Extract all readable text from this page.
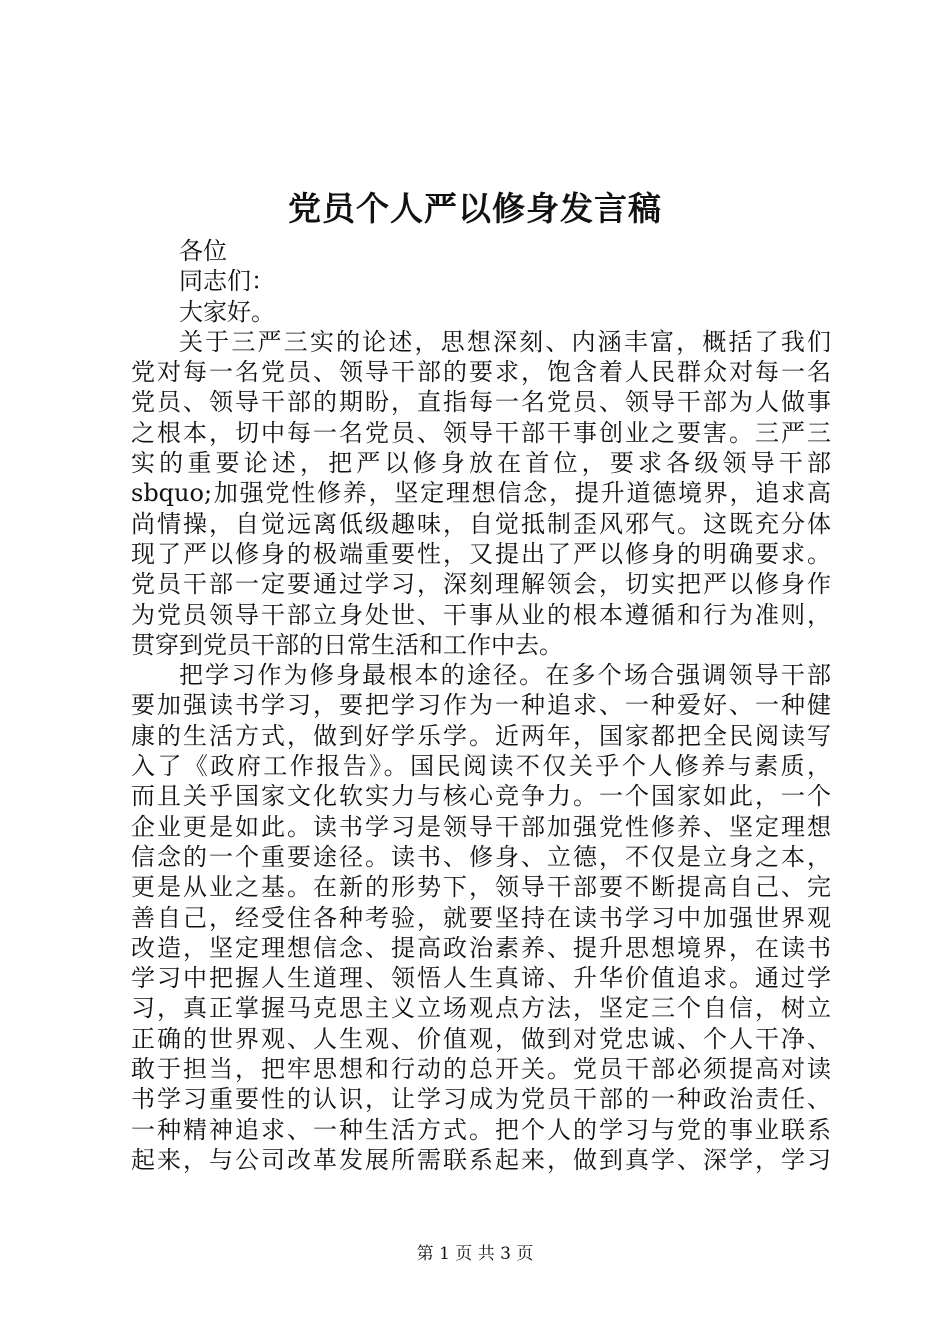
党员个人严以修身发言稿
各位
同志们：
大家好。
关于三严三实的论述，思想深刻、内涵丰富，概括了我们
党对每一名党员、领导干部的要求，饱含着人民群众对每一名
党员、领导干部的期盼，直指每一名党员、领导干部为人做事
之根本，切中每一名党员、领导干部干事创业之要害。三严三
实的重要论述，把严以修身放在首位，要求各级领导干部
sbquo;加强党性修养，坚定理想信念，提升道德境界，追求高
尚情操，自觉远离低级趣味，自觉抵制歪风邪气。这既充分体
现了严以修身的极端重要性，又提出了严以修身的明确要求。
党员干部一定要通过学习，深刻理解领会，切实把严以修身作
为党员领导干部立身处世、干事从业的根本遵循和行为准则，
贯穿到党员干部的日常生活和工作中去。
把学习作为修身最根本的途径。在多个场合强调领导干部
要加强读书学习，要把学习作为一种追求、一种爱好、一种健
康的生活方式，做到好学乐学。近两年，国家都把全民阅读写
入了《政府工作报告》。国民阅读不仅关乎个人修养与素质，
而且关乎国家文化软实力与核心竞争力。一个国家如此，一个
企业更是如此。读书学习是领导干部加强党性修养、坚定理想
信念的一个重要途径。读书、修身、立德，不仅是立身之本，
更是从业之基。在新的形势下，领导干部要不断提高自己、完
善自己，经受住各种考验，就要坚持在读书学习中加强世界观
改造，坚定理想信念、提高政治素养、提升思想境界，在读书
学习中把握人生道理、领悟人生真谛、升华价值追求。通过学
习，真正掌握马克思主义立场观点方法，坚定三个自信，树立
正确的世界观、人生观、价值观，做到对党忠诚、个人干净、
敢于担当，把牢思想和行动的总开关。党员干部必须提高对读
书学习重要性的认识，让学习成为党员干部的一种政治责任、
一种精神追求、一种生活方式。把个人的学习与党的事业联系
起来，与公司改革发展所需联系起来，做到真学、深学，学习
第 1 页 共 3 页
